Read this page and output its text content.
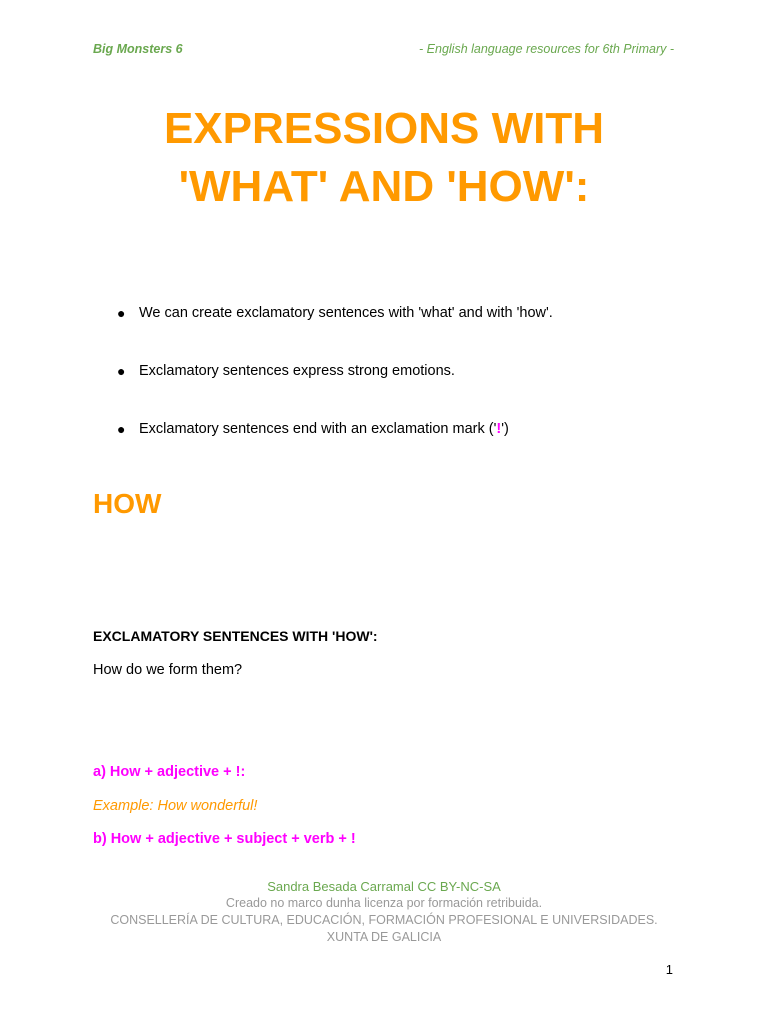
Big Monsters 6	- English language resources for 6th Primary -
EXPRESSIONS WITH
'WHAT' AND 'HOW':
● We can create exclamatory sentences with 'what' and with 'how'.
● Exclamatory sentences express strong emotions.
● Exclamatory sentences end with an exclamation mark ('!')
HOW
EXCLAMATORY SENTENCES WITH 'HOW':
How do we form them?
a) How + adjective + !:
Example: How wonderful!
b) How + adjective + subject + verb + !
Sandra Besada Carramal CC BY-NC-SA
Creado no marco dunha licenza por formación retribuida.
CONSELLERÍA DE CULTURA, EDUCACIÓN, FORMACIÓN PROFESIONAL E UNIVERSIDADES.
XUNTA DE GALICIA
1
